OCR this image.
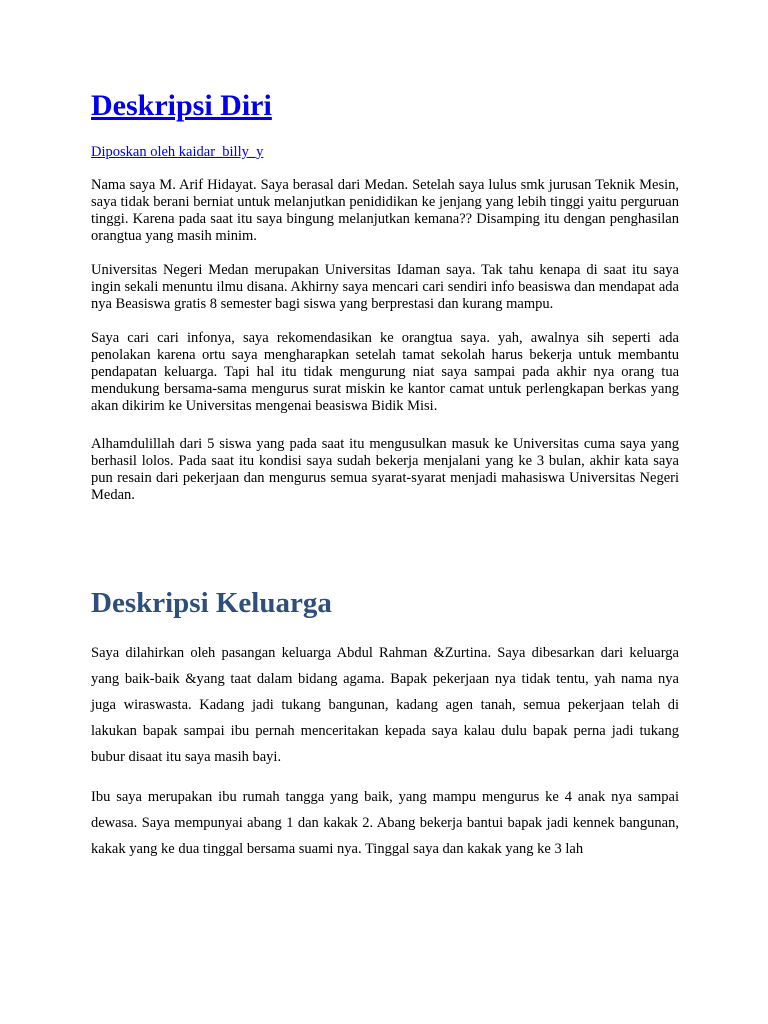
Deskripsi Diri
Diposkan oleh kaidar_billy_y

Nama saya M. Arif Hidayat. Saya berasal dari Medan. Setelah saya lulus smk jurusan Teknik Mesin, saya tidak berani berniat untuk melanjutkan penididikan ke jenjang yang lebih tinggi yaitu perguruan tinggi. Karena pada saat itu saya bingung melanjutkan kemana?? Disamping itu dengan penghasilan orangtua yang masih minim.

Universitas Negeri Medan merupakan Universitas Idaman saya. Tak tahu kenapa di saat itu saya ingin sekali menuntu ilmu disana. Akhirny saya mencari cari sendiri info beasiswa dan mendapat ada nya Beasiswa gratis 8 semester bagi siswa yang berprestasi dan kurang mampu.

Saya cari cari infonya, saya rekomendasikan ke orangtua saya. yah, awalnya sih seperti ada penolakan karena ortu saya mengharapkan setelah tamat sekolah harus bekerja untuk membantu pendapatan keluarga. Tapi hal itu tidak mengurung niat saya sampai pada akhir nya orang tua mendukung bersama-sama mengurus surat miskin ke kantor camat untuk perlengkapan berkas yang akan dikirim ke Universitas mengenai beasiswa Bidik Misi.

Alhamdulillah dari 5 siswa yang pada saat itu mengusulkan masuk ke Universitas cuma saya yang berhasil lolos. Pada saat itu kondisi saya sudah bekerja menjalani yang ke 3 bulan, akhir kata saya pun resain dari pekerjaan dan mengurus semua syarat-syarat menjadi mahasiswa Universitas Negeri Medan.

Deskripsi Keluarga

Saya dilahirkan oleh pasangan keluarga Abdul Rahman &Zurtina. Saya dibesarkan dari keluarga yang baik-baik &yang taat dalam bidang agama. Bapak pekerjaan nya tidak tentu, yah nama nya juga wiraswasta. Kadang jadi tukang bangunan, kadang agen tanah, semua pekerjaan telah di lakukan bapak sampai ibu pernah menceritakan kepada saya kalau dulu bapak perna jadi tukang bubur disaat itu saya masih bayi.

Ibu saya merupakan ibu rumah tangga yang baik, yang mampu mengurus ke 4 anak nya sampai dewasa. Saya mempunyai abang 1 dan kakak 2. Abang bekerja bantui bapak jadi kennek bangunan, kakak yang ke dua tinggal bersama suami nya. Tinggal saya dan kakak yang ke 3 lah
